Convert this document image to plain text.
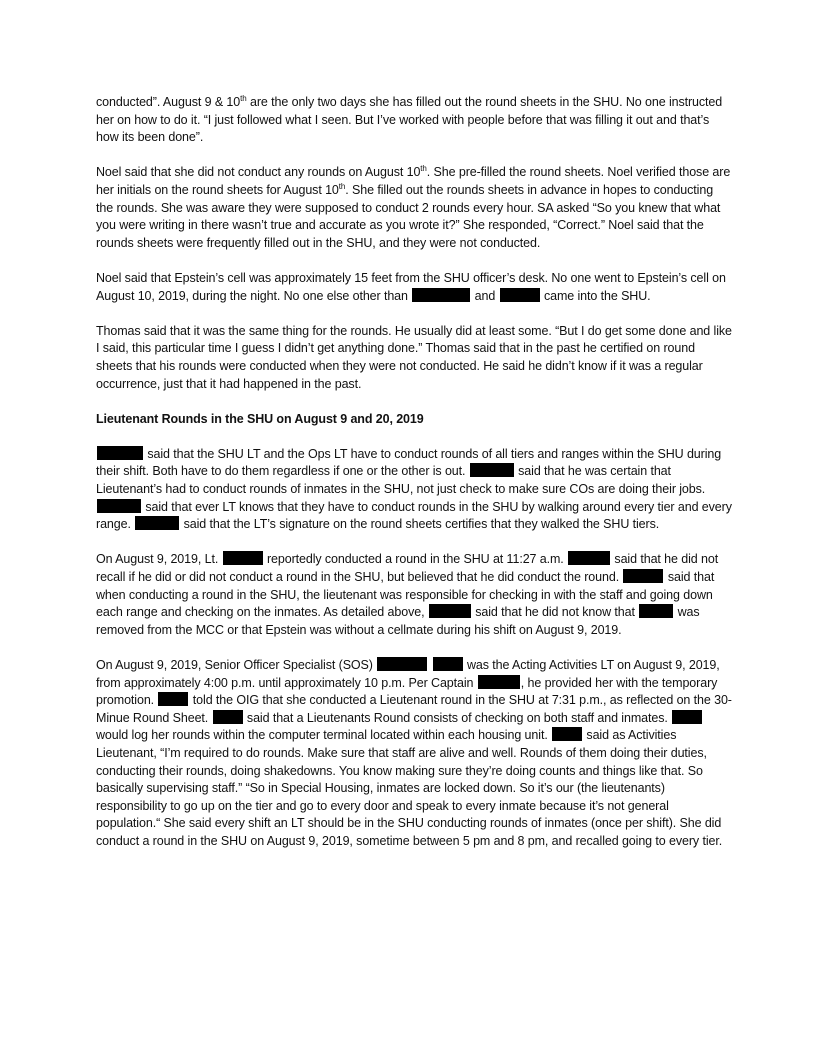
conducted”. August 9 & 10th are the only two days she has filled out the round sheets in the SHU. No one instructed her on how to do it. “I just followed what I seen. But I’ve worked with people before that was filling it out and that’s how its been done”.

Noel said that she did not conduct any rounds on August 10th. She pre-filled the round sheets. Noel verified those are her initials on the round sheets for August 10th. She filled out the rounds sheets in advance in hopes to conducting the rounds. She was aware they were supposed to conduct 2 rounds every hour. SA asked “So you knew that what you were writing in there wasn’t true and accurate as you wrote it?” She responded, “Correct.” Noel said that the rounds sheets were frequently filled out in the SHU, and they were not conducted.

Noel said that Epstein’s cell was approximately 15 feet from the SHU officer’s desk. No one went to Epstein’s cell on August 10, 2019, during the night. No one else other than	and	came into the SHU.

Thomas said that it was the same thing for the rounds. He usually did at least some. “But I do get some done and like I said, this particular time I guess I didn’t get anything done.” Thomas said that in the past he certified on round sheets that his rounds were conducted when they were not conducted. He said he didn’t know if it was a regular occurrence, just that it had happened in the past.

Lieutenant Rounds in the SHU on August 9 and 20, 2019

said that the SHU LT and the Ops LT have to conduct rounds of all tiers and ranges within the SHU during their shift. Both have to do them regardless if one or the other is out.	said that he was certain that Lieutenant’s had to conduct rounds of inmates in the SHU, not just check to make sure COs are doing their jobs.  said that ever LT knows that they have to conduct rounds in the SHU by walking around every tier and every range.	said that the LT’s signature on the round sheets certifies that they walked the SHU tiers.

On August 9, 2019, Lt.	reportedly conducted a round in the SHU at 11:27 a.m.	said that he did not recall if he did or did not conduct a round in the SHU, but believed that he did conduct the round.	said that when conducting a round in the SHU, the lieutenant was responsible for checking in with the staff and going down each range and checking on the inmates. As detailed above,	said that he did not know that	was removed from the MCC or that Epstein was without a cellmate during his shift on August 9, 2019.

On August 9, 2019, Senior Officer Specialist (SOS)	was the Acting Activities LT on August 9, 2019, from approximately 4:00 p.m. until approximately 10 p.m. Per Captain	, he provided her with the temporary promotion.	told the OIG that she conducted a Lieutenant round in the SHU at 7:31 p.m., as reflected on the 30-Minue Round Sheet.	said that a Lieutenants Round consists of checking on both staff and inmates.  would log her rounds within the computer terminal located within each housing unit.	said as Activities Lieutenant, “I’m required to do rounds. Make sure that staff are alive and well. Rounds of them doing their duties, conducting their rounds, doing shakedowns. You know making sure they’re doing counts and things like that. So basically supervising staff.” “So in Special Housing, inmates are locked down. So it’s our (the lieutenants) responsibility to go up on the tier and go to every door and speak to every inmate because it’s not general population.“ She said every shift an LT should be in the SHU conducting rounds of inmates (once per shift). She did conduct a round in the SHU on August 9, 2019, sometime between 5 pm and 8 pm, and recalled going to every tier.
